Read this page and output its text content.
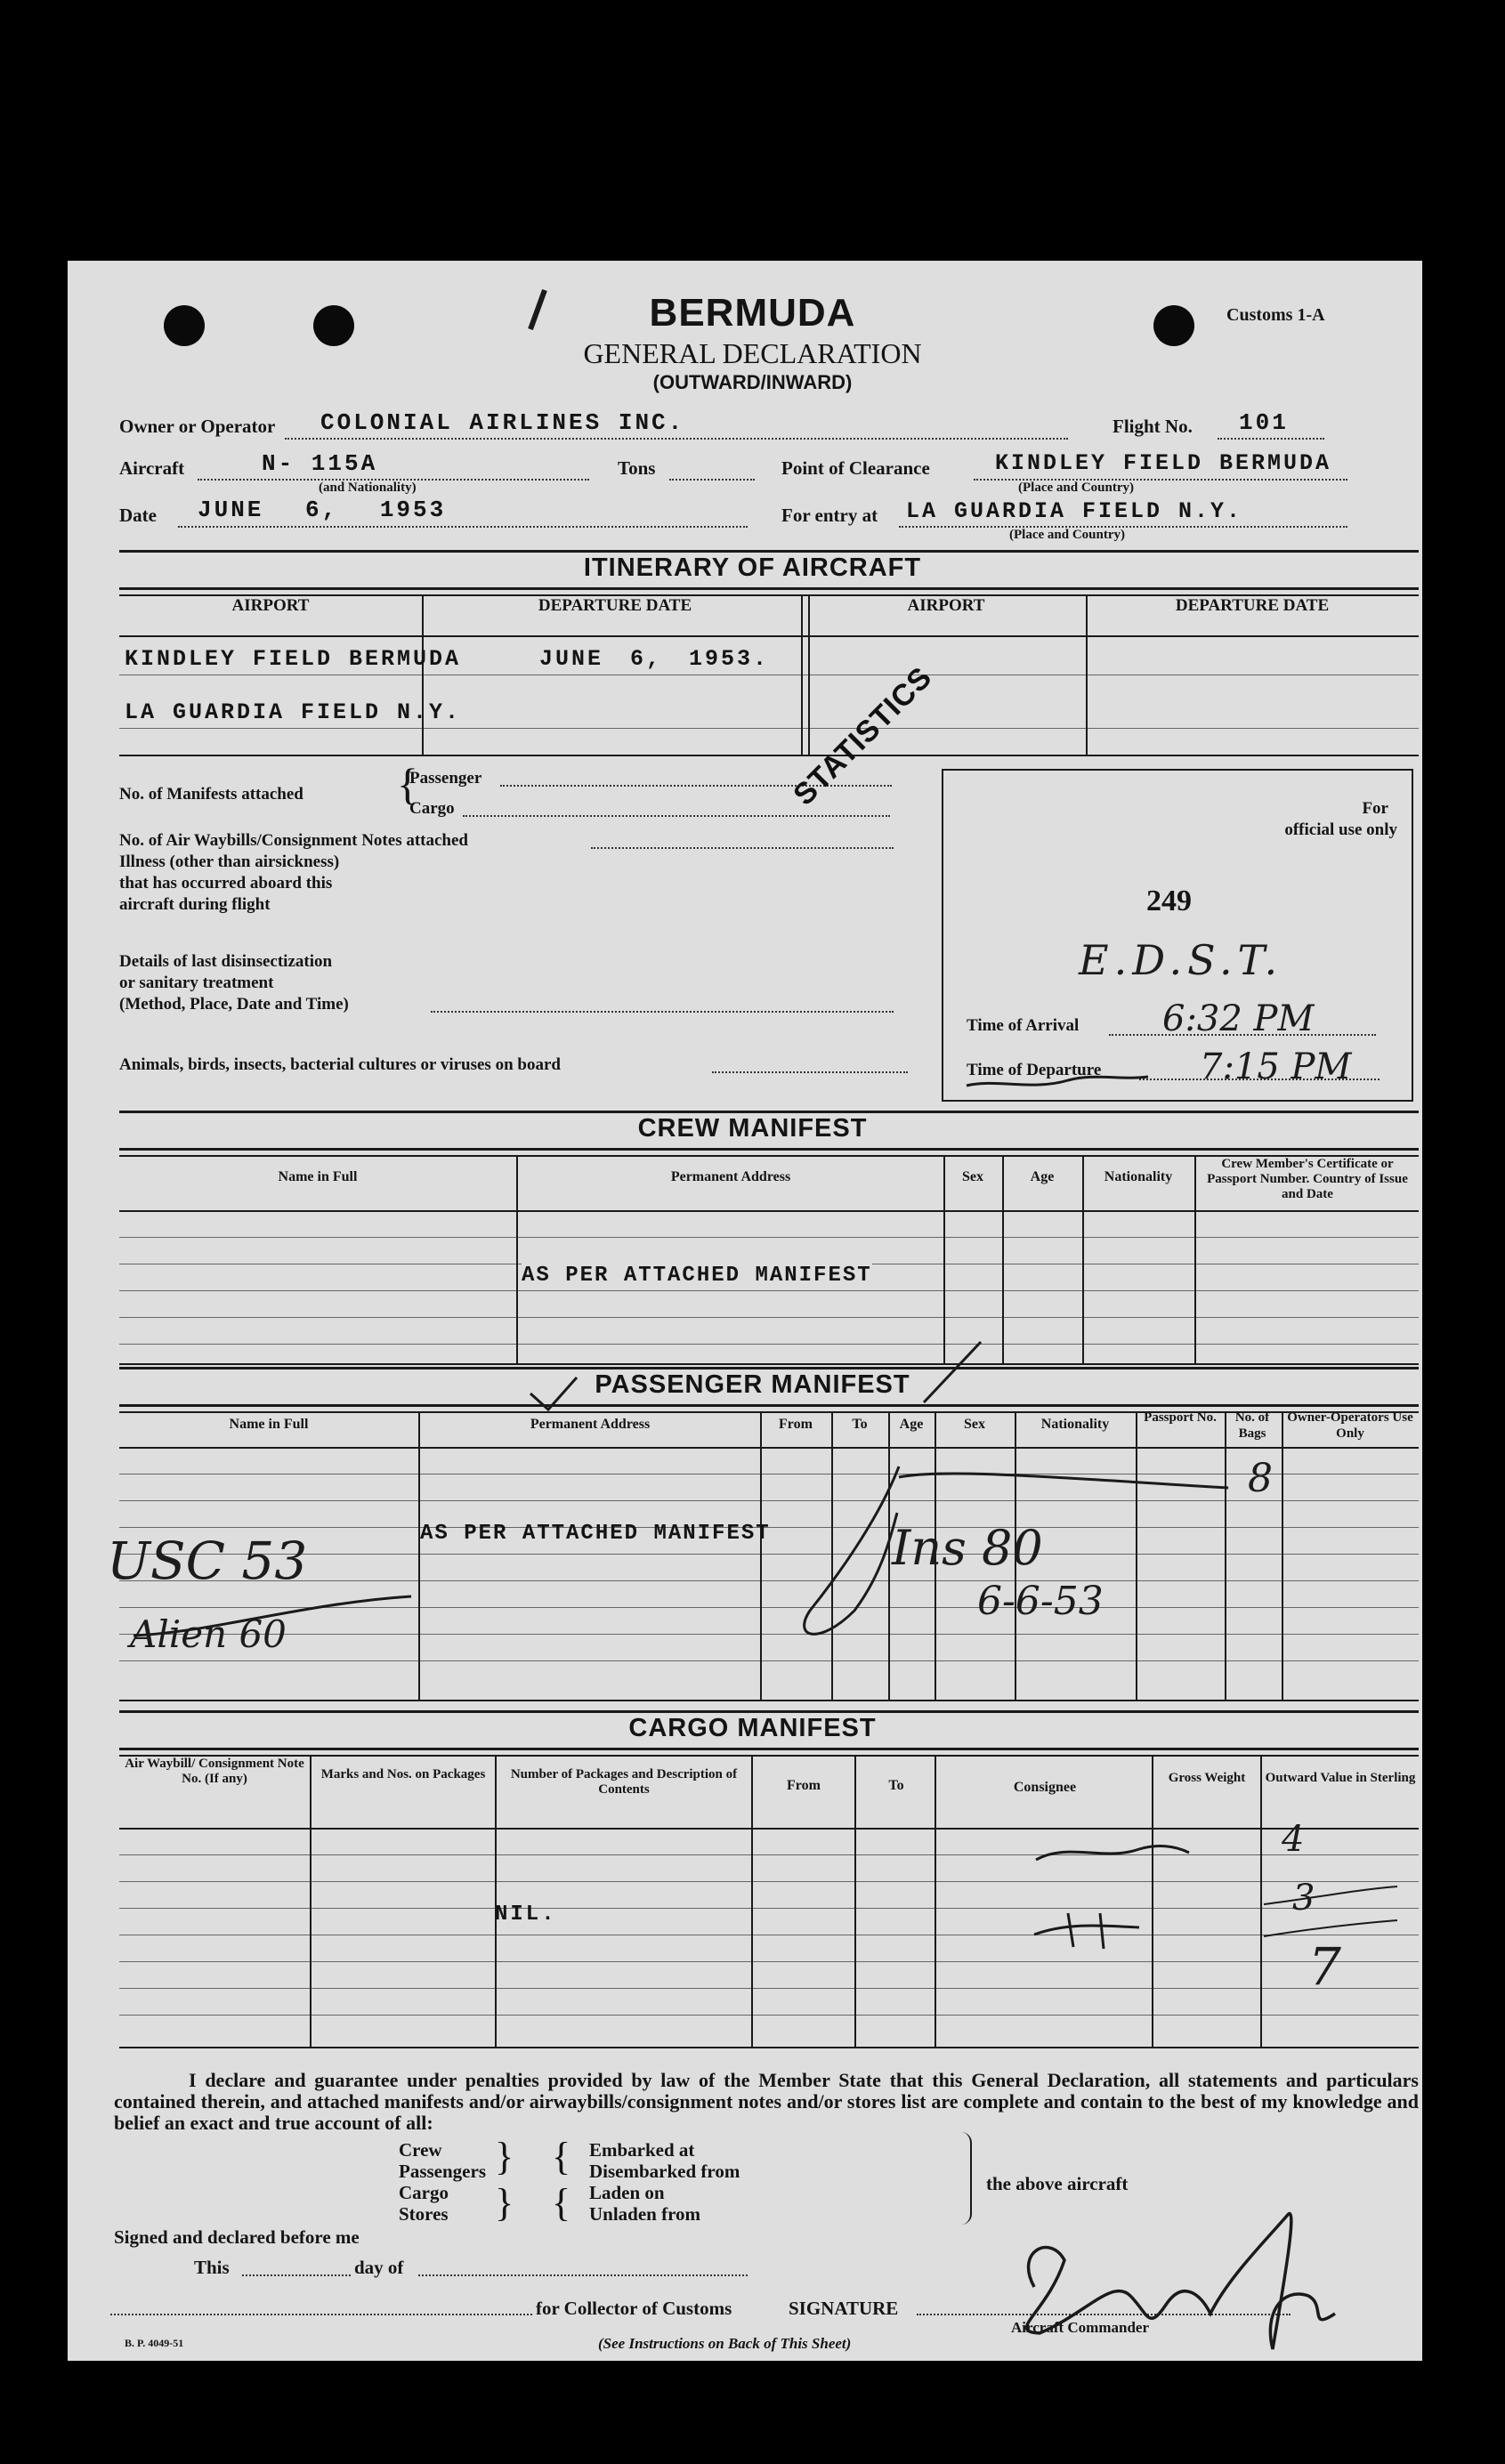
BERMUDA
GENERAL DECLARATION
(OUTWARD/INWARD)
Customs 1-A
Owner or Operator COLONIAL AIRLINES INC.	Flight No. 101
Aircraft	N- 115A
(and Nationality)
Tons	Point of Clearance	KINDLEY FIELD BERMUDA
(Place and Country)
Date JUNE 6, 1953	For entry at LA GUARDIA FIELD N.Y.
(Place and Country)
ITINERARY OF AIRCRAFT
AIRPORT	DEPARTURE DATE	AIRPORT	DEPARTURE DATE
KINDLEY FIELD BERMUDA	JUNE 6, 1953.
LA GUARDIA FIELD N.Y.
No. of Manifests attached {
Passenger
Cargo
No. of Air Waybills/Consignment Notes attached
Illness (other than airsickness)
that has occurred aboard this
aircraft during flight
Details of last disinsectization
or sanitary treatment
(Method, Place, Date and Time)
Animals, birds, insects, bacterial cultures or viruses on board
STATISTICS	For
official use only
249
E.D.S.T.
Time of Arrival 6:32 PM
Time of Departure	7:15 PM
CREW MANIFEST
Name in Full	Permanent Address	Sex	Age	Nationality
Crew Member's Certificate or Passport Number. Country of Issue and Date
AS PER ATTACHED MANIFEST
PASSENGER MANIFEST
Name in Full	Permanent Address	From	To	Age	Sex	Nationality	Passport No.	No. of Bags
Owner-Operators Use Only
AS PER ATTACHED MANIFEST
USC 53
Alien 60
8
Ins 80
6-6-53
CARGO MANIFEST
Air Waybill/ Consignment Note No. (If any)	Marks and Nos. on Packages	Number of Packages and Description of Contents	From	To	Consignee
Gross Weight	Outward Value in Sterling
NIL.
4
3
7
I declare and guarantee under penalties provided by law of the Member State that this General Declaration, all statements and particulars contained therein, and attached manifests and/or airwaybills/consignment notes and/or stores list are complete and contain to the best of my knowledge and belief an exact and true account of all:
Crew
Passengers
Cargo
Stores
}
}
{
{
Embarked at
Disembarked from
Laden on
Unladen from
the above aircraft
Signed and declared before me
This	day of
for Collector of Customs	SIGNATURE
Aircraft Commander
B. P. 4049-51	(See Instructions on Back of This Sheet)
